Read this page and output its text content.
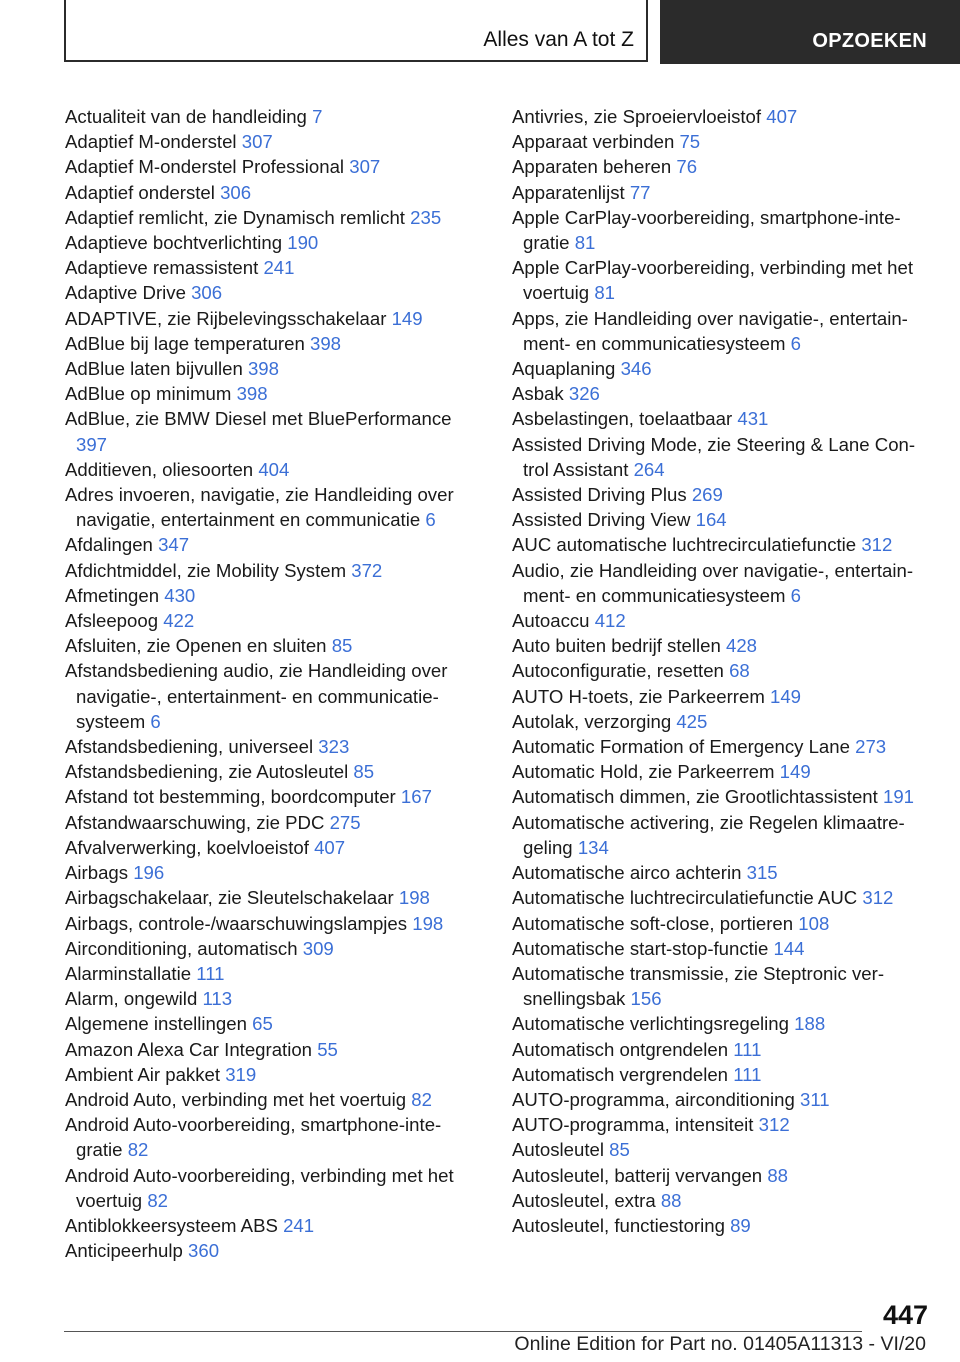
Alles van A tot Z	OPZOEKEN
Actualiteit van de handleiding 7
Adaptief M-onderstel 307
Adaptief M-onderstel Professional 307
Adaptief onderstel 306
Adaptief remlicht, zie Dynamisch remlicht 235
Adaptieve bochtverlichting 190
Adaptieve remassistent 241
Adaptive Drive 306
ADAPTIVE, zie Rijbelevingsschakelaar 149
AdBlue bij lage temperaturen 398
AdBlue laten bijvullen 398
AdBlue op minimum 398
AdBlue, zie BMW Diesel met BluePerformance 397
Additieven, oliesoorten 404
Adres invoeren, navigatie, zie Handleiding over navigatie, entertainment en communicatie 6
Afdalingen 347
Afdichtmiddel, zie Mobility System 372
Afmetingen 430
Afsleepoog 422
Afsluiten, zie Openen en sluiten 85
Afstandsbediening audio, zie Handleiding over navigatie-, entertainment- en communicatiesysteem 6
Afstandsbediening, universeel 323
Afstandsbediening, zie Autosleutel 85
Afstand tot bestemming, boordcomputer 167
Afstandwaarschuwing, zie PDC 275
Afvalverwerking, koelvloeistof 407
Airbags 196
Airbagschakelaar, zie Sleutelschakelaar 198
Airbags, controle-/waarschuwingslampjes 198
Airconditioning, automatisch 309
Alarminstallatie 111
Alarm, ongewild 113
Algemene instellingen 65
Amazon Alexa Car Integration 55
Ambient Air pakket 319
Android Auto, verbinding met het voertuig 82
Android Auto-voorbereiding, smartphone-integratie 82
Android Auto-voorbereiding, verbinding met het voertuig 82
Antiblokkeersysteem ABS 241
Anticipeerhulp 360
Antivries, zie Sproeiervloeistof 407
Apparaat verbinden 75
Apparaten beheren 76
Apparatenlijst 77
Apple CarPlay-voorbereiding, smartphone-integratie 81
Apple CarPlay-voorbereiding, verbinding met het voertuig 81
Apps, zie Handleiding over navigatie-, entertainment- en communicatiesysteem 6
Aquaplaning 346
Asbak 326
Asbelastingen, toelaatbaar 431
Assisted Driving Mode, zie Steering & Lane Control Assistant 264
Assisted Driving Plus 269
Assisted Driving View 164
AUC automatische luchtrecirculatiefunctie 312
Audio, zie Handleiding over navigatie-, entertainment- en communicatiesysteem 6
Autoaccu 412
Auto buiten bedrijf stellen 428
Autoconfiguratie, resetten 68
AUTO H-toets, zie Parkeerrem 149
Autolak, verzorging 425
Automatic Formation of Emergency Lane 273
Automatic Hold, zie Parkeerrem 149
Automatisch dimmen, zie Grootlichtassistent 191
Automatische activering, zie Regelen klimaatregeling 134
Automatische airco achterin 315
Automatische luchtrecirculatiefunctie AUC 312
Automatische soft-close, portieren 108
Automatische start-stop-functie 144
Automatische transmissie, zie Steptronic versnellingsbak 156
Automatische verlichtingsregeling 188
Automatisch ontgrendelen 111
Automatisch vergrendelen 111
AUTO-programma, airconditioning 311
AUTO-programma, intensiteit 312
Autosleutel 85
Autosleutel, batterij vervangen 88
Autosleutel, extra 88
Autosleutel, functiestoring 89
447
Online Edition for Part no. 01405A11313 - VI/20
